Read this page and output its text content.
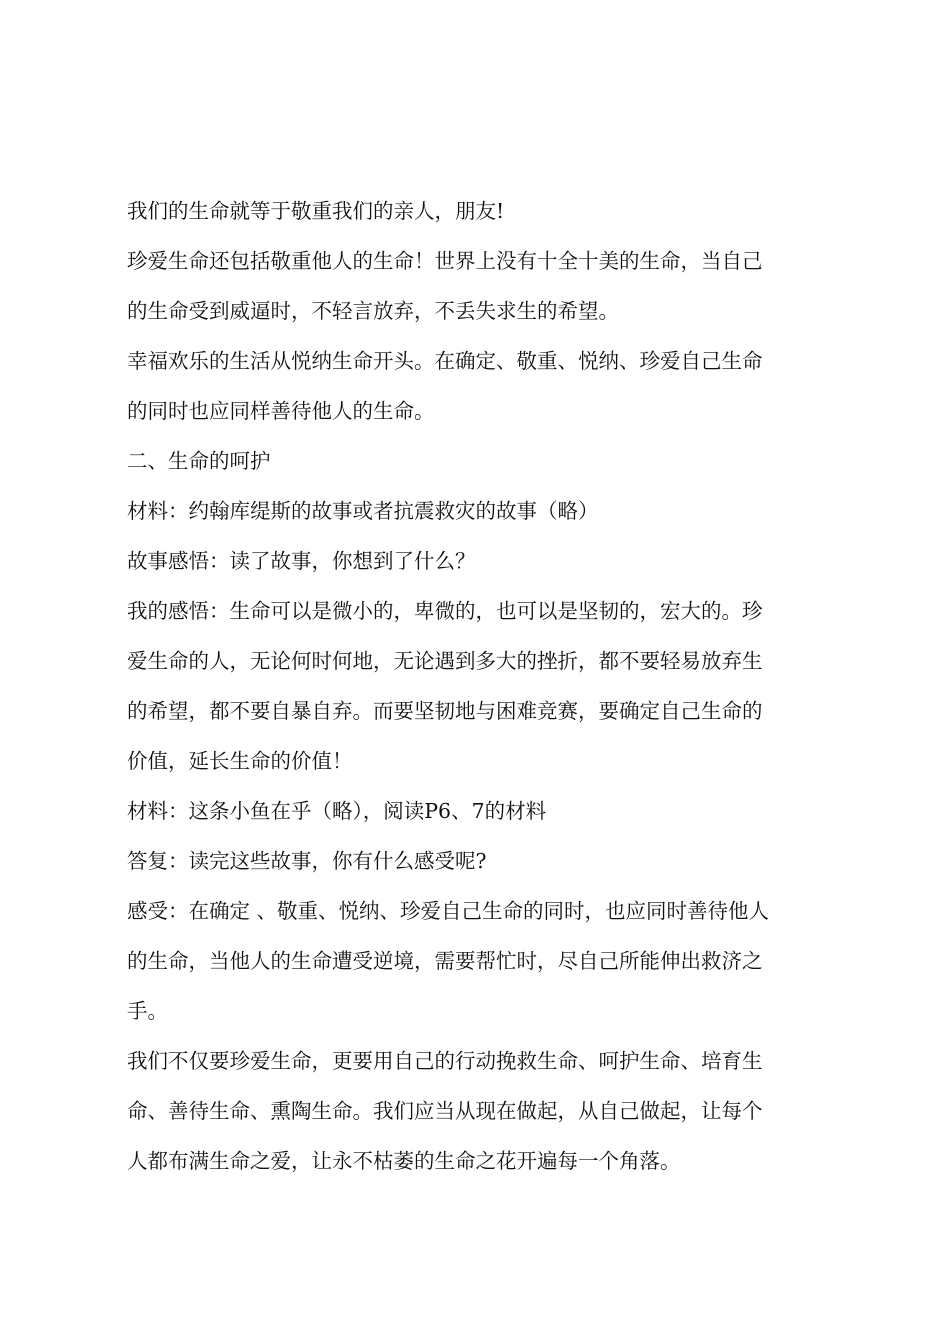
我们的生命就等于敬重我们的亲人，朋友!
珍爱生命还包括敬重他人的生命！世界上没有十全十美的生命，当自己
的生命受到威逼时，不轻言放弃，不丢失求生的希望。
幸福欢乐的生活从悦纳生命开头。在确定、敬重、悦纳、珍爱自己生命
的同时也应同样善待他人的生命。
二、生命的呵护
材料：约翰库缇斯的故事或者抗震救灾的故事（略）
故事感悟：读了故事，你想到了什么？
我的感悟：生命可以是微小的，卑微的，也可以是坚韧的，宏大的。珍
爱生命的人，无论何时何地，无论遇到多大的挫折，都不要轻易放弃生
的希望，都不要自暴自弃。而要坚韧地与困难竞赛，要确定自己生命的
价值，延长生命的价值！
材料：这条小鱼在乎（略），阅读P6、7的材料
答复：读完这些故事，你有什么感受呢?
感受：在确定 、敬重、悦纳、珍爱自己生命的同时，也应同时善待他人
的生命，当他人的生命遭受逆境，需要帮忙时，尽自己所能伸出救济之
手。
我们不仅要珍爱生命，更要用自己的行动挽救生命、呵护生命、培育生
命、善待生命、熏陶生命。我们应当从现在做起，从自己做起，让每个
人都布满生命之爱，让永不枯萎的生命之花开遍每一个角落。
